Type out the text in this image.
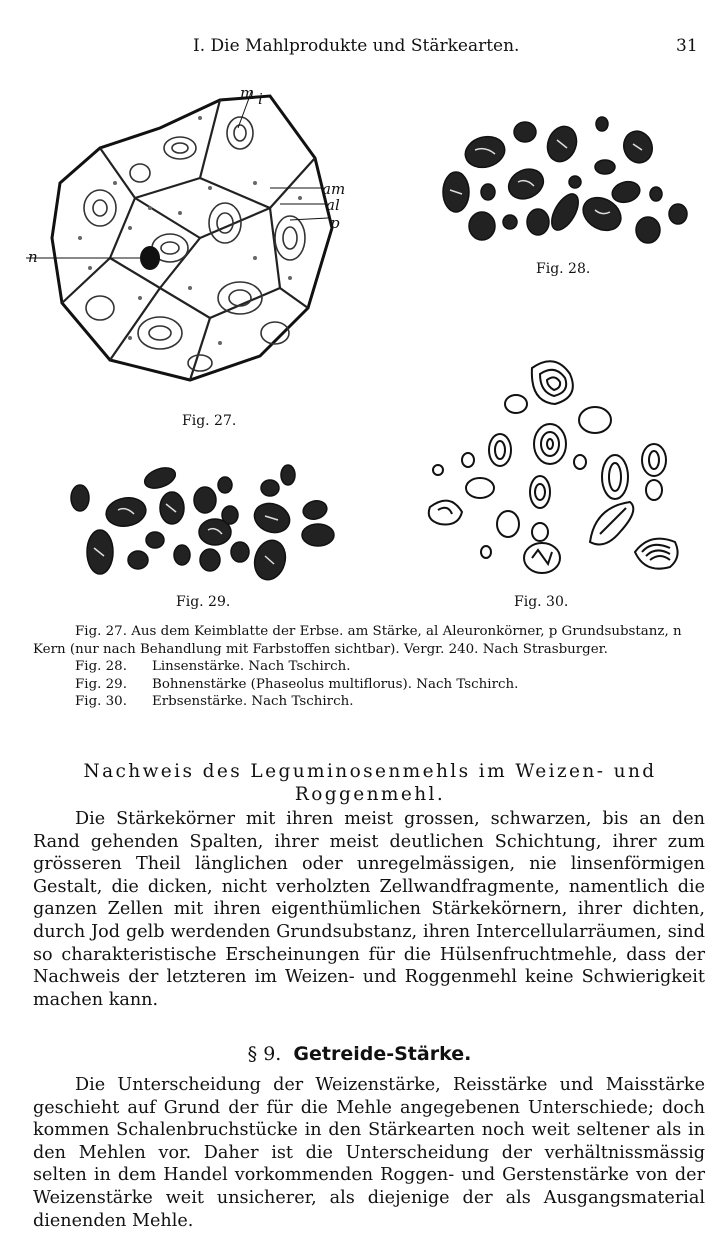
I. Die Mahlprodukte und Stärkearten.	31
m i
am
al
p
n
Fig. 27.
Fig. 28.
Fig. 29.	Fig. 30.

Fig. 27. Aus dem Keimblatte der Erbse. am Stärke, al Aleuronkörner, p Grundsubstanz, n Kern (nur nach Behandlung mit Farbstoffen sichtbar). Vergr. 240. Nach Strasburger.

Fig. 28. Linsenstärke. Nach Tschirch.

Fig. 29. Bohnenstärke (Phaseolus multiflorus). Nach Tschirch.

Fig. 30. Erbsenstärke. Nach Tschirch.

Nachweis des Leguminosenmehls im Weizen- und Roggenmehl.

Die Stärkekörner mit ihren meist grossen, schwarzen, bis an den Rand gehenden Spalten, ihrer meist deutlichen Schichtung, ihrer zum grösseren Theil länglichen oder unregelmässigen, nie linsenförmigen Gestalt, die dicken, nicht verholzten Zellwandfragmente, namentlich die ganzen Zellen mit ihren eigenthümlichen Stärkekörnern, ihrer dichten, durch Jod gelb werdenden Grundsubstanz, ihren Intercellularräumen, sind so charakteristische Erscheinungen für die Hülsenfruchtmehle, dass der Nachweis der letzteren im Weizen- und Roggenmehl keine Schwierigkeit machen kann.

§ 9. Getreide-Stärke.

Die Unterscheidung der Weizenstärke, Reisstärke und Maisstärke geschieht auf Grund der für die Mehle angegebenen Unterschiede; doch kommen Schalenbruchstücke in den Stärkearten noch weit seltener als in den Mehlen vor. Daher ist die Unterscheidung der verhältnissmässig selten in dem Handel vorkommenden Roggen- und Gerstenstärke von der Weizenstärke weit unsicherer, als diejenige der als Ausgangsmaterial dienenden Mehle.
